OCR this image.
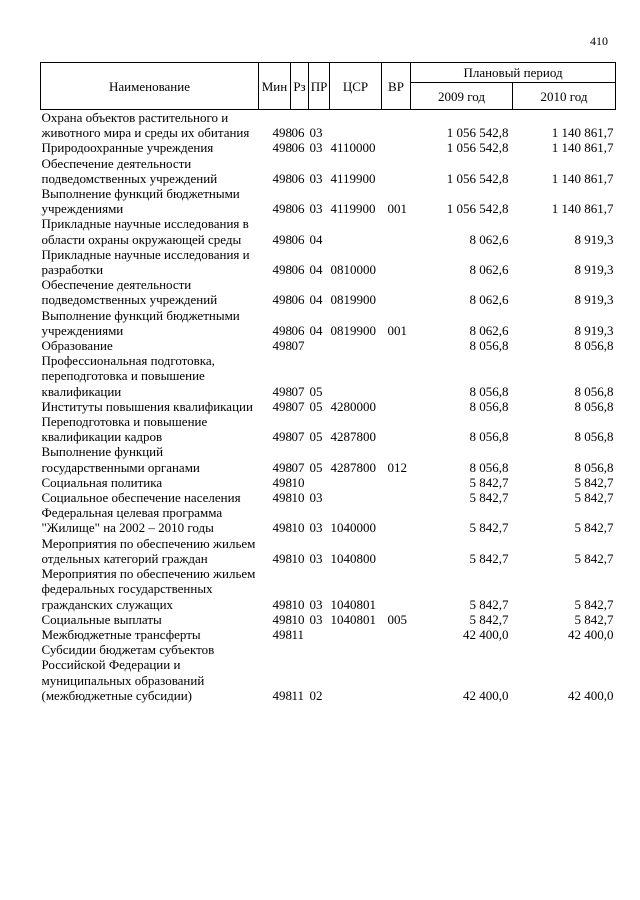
410
Наименование	Мин	Рз	ПР	ЦСР	ВР	Плановый период	
						2009 год	2010 год
Охрана объектов растительного и животного мира и среды их обитания	498	06	03			1 056 542,8	1 140 861,7
Природоохранные учреждения	498	06	03	4110000		1 056 542,8	1 140 861,7
Обеспечение деятельности подведомственных учреждений	498	06	03	4119900		1 056 542,8	1 140 861,7
Выполнение функций бюджетными учреждениями	498	06	03	4119900	001	1 056 542,8	1 140 861,7
Прикладные научные исследования в области охраны окружающей среды	498	06	04			8 062,6	8 919,3
Прикладные научные исследования и разработки	498	06	04	0810000		8 062,6	8 919,3
Обеспечение деятельности подведомственных учреждений	498	06	04	0819900		8 062,6	8 919,3
Выполнение функций бюджетными учреждениями	498	06	04	0819900	001	8 062,6	8 919,3
Образование	498	07				8 056,8	8 056,8
Профессиональная подготовка, переподготовка и повышение квалификации	498	07	05			8 056,8	8 056,8
Институты повышения квалификации	498	07	05	4280000		8 056,8	8 056,8
Переподготовка и повышение квалификации кадров	498	07	05	4287800		8 056,8	8 056,8
Выполнение функций государственными органами	498	07	05	4287800	012	8 056,8	8 056,8
Социальная политика	498	10				5 842,7	5 842,7
Социальное обеспечение населения	498	10	03			5 842,7	5 842,7
Федеральная целевая программа "Жилище" на 2002 – 2010 годы	498	10	03	1040000		5 842,7	5 842,7
Мероприятия по обеспечению жильем отдельных категорий граждан	498	10	03	1040800		5 842,7	5 842,7
Мероприятия по обеспечению жильем федеральных государственных гражданских служащих	498	10	03	1040801		5 842,7	5 842,7
Социальные выплаты	498	10	03	1040801	005	5 842,7	5 842,7
Межбюджетные трансферты	498	11				42 400,0	42 400,0
Субсидии бюджетам субъектов Российской Федерации и муниципальных образований (межбюджетные субсидии)	498	11	02			42 400,0	42 400,0
